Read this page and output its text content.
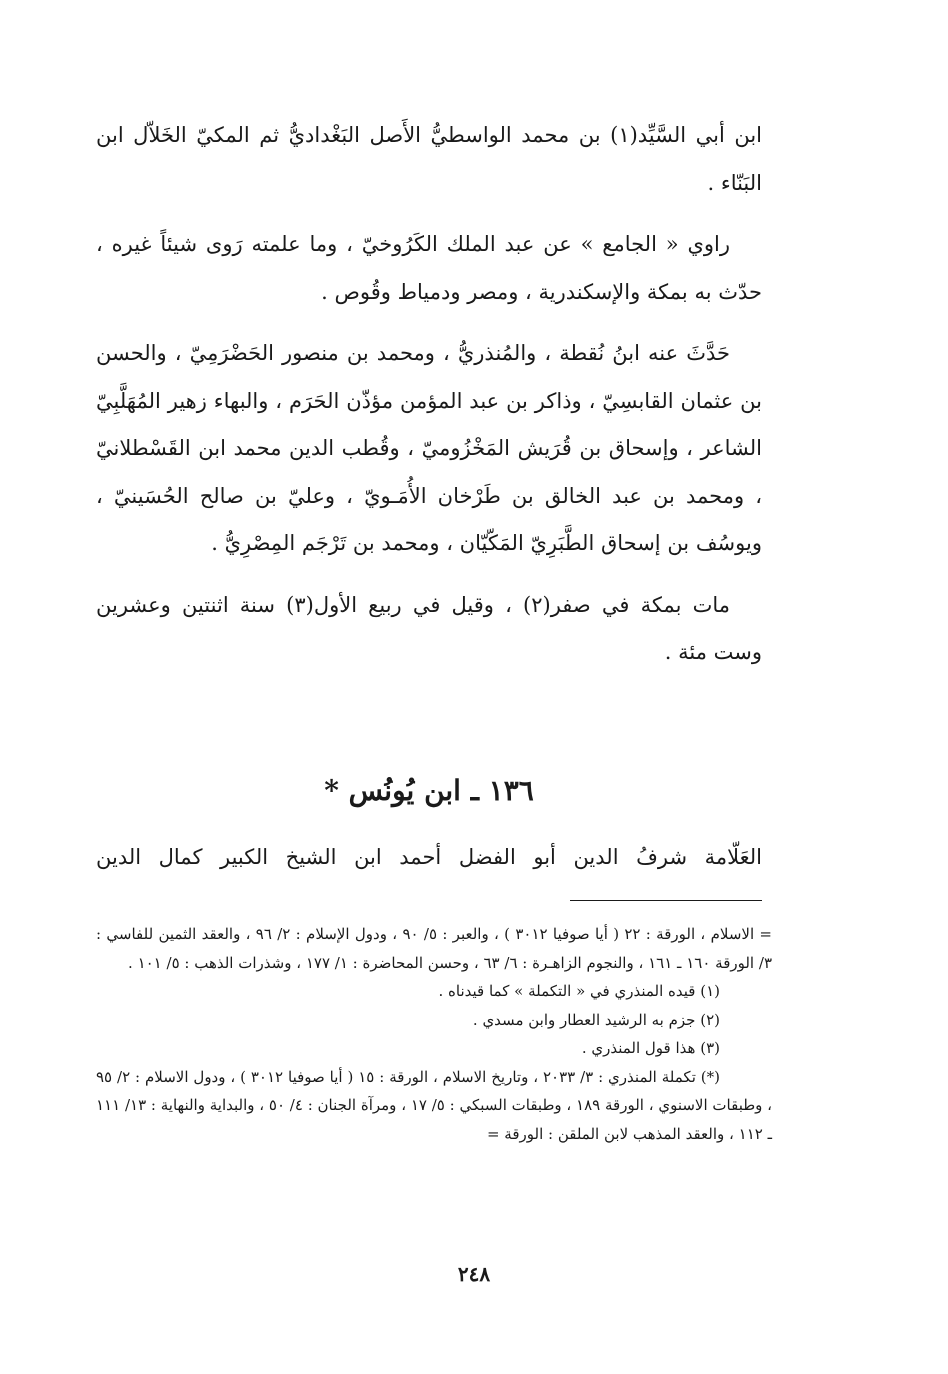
ابن أبي السَّيِّد(١) بن محمد الواسطيُّ الأَصل البَغْداديُّ ثم المكيّ الخَلاّل ابن البَنّاء .

راوي « الجامع » عن عبد الملك الكَرُوخيّ ، وما علمته رَوى شيئاً غيره ، حدّث به بمكة والإسكندرية ، ومصر ودمياط وقُوص .

حَدَّثَ عنه ابنُ نُقطة ، والمُنذريُّ ، ومحمد بن منصور الحَضْرَمِيّ ، والحسن بن عثمان القابسِيّ ، وذاكر بن عبد المؤمن مؤذّن الحَرَم ، والبهاء زهير المُهَلَّبِيّ الشاعر ، وإسحاق بن قُرَيش المَخْزُوميّ ، وقُطب الدين محمد ابن القَسْطلانيّ ، ومحمد بن عبد الخالق بن طَرْخان الأُمَـويّ ، وعليّ بن صالح الحُسَينيّ ، ويوسُف بن إسحاق الطَّبَرِيّ المَكّيّان ، ومحمد بن تَرْجَم المِصْرِيُّ .

مات بمكة في صفر(٢) ، وقيل في ربيع الأول(٣) سنة اثنتين وعشرين وست مئة .

١٣٦ ـ ابن يُونُس *
العَلّامة شرفُ الدين أبو الفضل أحمد ابن الشيخ الكبير كمال الدين

= الاسلام ، الورقة : ٢٢ ( أيا صوفيا ٣٠١٢ ) ، والعبر : ٥/ ٩٠ ، ودول الإسلام : ٢/ ٩٦ ، والعقد الثمين للفاسي : ٣/ الورقة ١٦٠ ـ ١٦١ ، والنجوم الزاهـرة : ٦/ ٦٣ ، وحسن المحاضرة : ١/ ١٧٧ ، وشذرات الذهب : ٥/ ١٠١ .

(١) قيده المنذري في « التكملة » كما قيدناه .

(٢) جزم به الرشيد العطار وابن مسدي .

(٣) هذا قول المنذري .

(*) تكملة المنذري : ٣/ ٢٠٣٣ ، وتاريخ الاسلام ، الورقة : ١٥ ( أيا صوفيا ٣٠١٢ ) ، ودول الاسلام : ٢/ ٩٥ ، وطبقات الاسنوي ، الورقة ١٨٩ ، وطبقات السبكي : ٥/ ١٧ ، ومرآة الجنان : ٤/ ٥٠ ، والبداية والنهاية : ١٣/ ١١١ ـ ١١٢ ، والعقد المذهب لابن الملقن : الورقة =

٢٤٨
